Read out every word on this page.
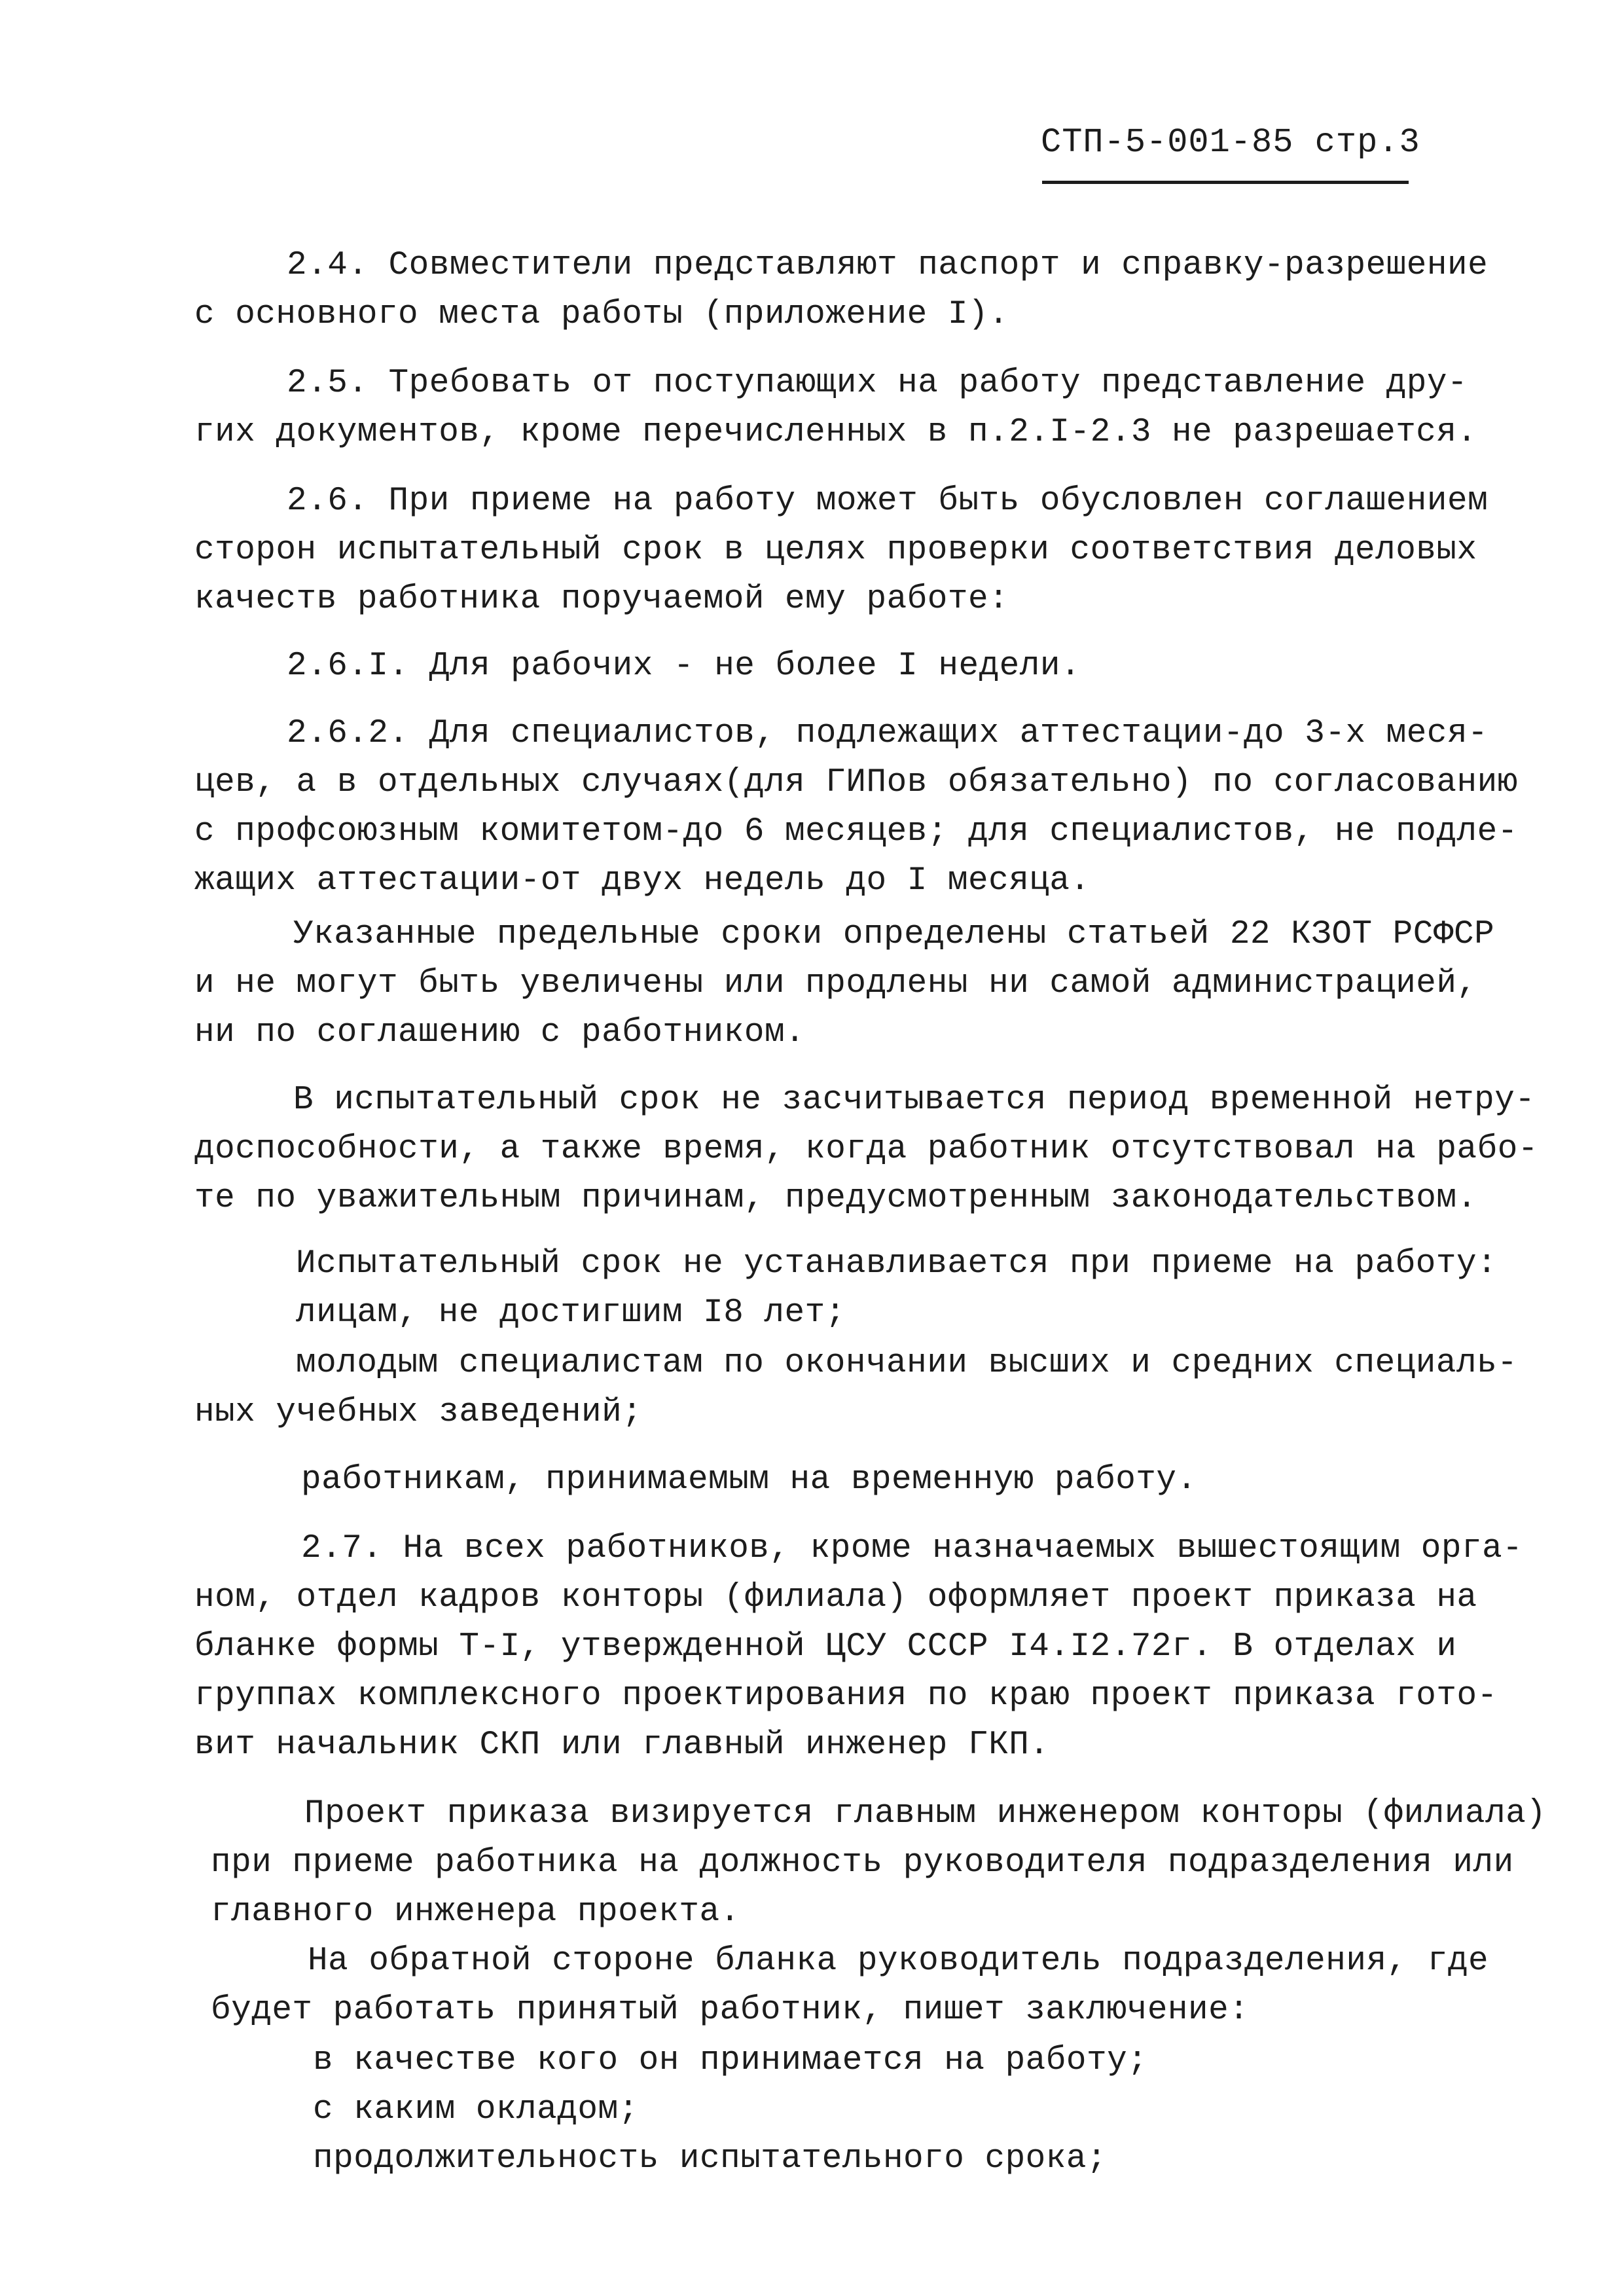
СТП-5-001-85 стр.3
2.4. Совместители представляют паспорт и справку-разрешение
с основного места работы (приложение I).
2.5. Требовать от поступающих на работу представление дру-
гих документов, кроме перечисленных в п.2.I-2.3 не разрешается.
2.6. При приеме на работу может быть обусловлен соглашением
сторон испытательный срок в целях проверки соответствия деловых
качеств работника поручаемой ему работе:
2.6.I. Для рабочих - не более I недели.
2.6.2. Для специалистов, подлежащих аттестации-до 3-х меся-
цев, а в отдельных случаях(для ГИПов обязательно) по согласованию
с профсоюзным комитетом-до 6 месяцев; для специалистов, не подле-
жащих аттестации-от двух недель до I месяца.
Указанные предельные сроки определены статьей 22 КЗОТ РСФСР
и не могут быть увеличены или продлены ни самой администрацией,
ни по соглашению с работником.
В испытательный срок не засчитывается период временной нетру-
доспособности, а также время, когда работник отсутствовал на рабо-
те по уважительным причинам, предусмотренным законодательством.
Испытательный срок не устанавливается при приеме на работу:
лицам, не достигшим I8 лет;
молодым специалистам по окончании высших и средних специаль-
ных учебных заведений;
работникам, принимаемым на временную работу.
2.7. На всех работников, кроме назначаемых вышестоящим орга-
ном, отдел кадров конторы (филиала) оформляет проект приказа на
бланке формы Т-I, утвержденной ЦСУ СССР I4.I2.72г. В отделах и
группах комплексного проектирования по краю проект приказа гото-
вит начальник СКП или главный инженер ГКП.
Проект приказа визируется главным инженером конторы (филиала)
при приеме работника на должность руководителя подразделения или
главного инженера проекта.
На обратной стороне бланка руководитель подразделения, где
будет работать принятый работник, пишет заключение:
в качестве кого он принимается на работу;
с каким окладом;
продолжительность испытательного срока;
